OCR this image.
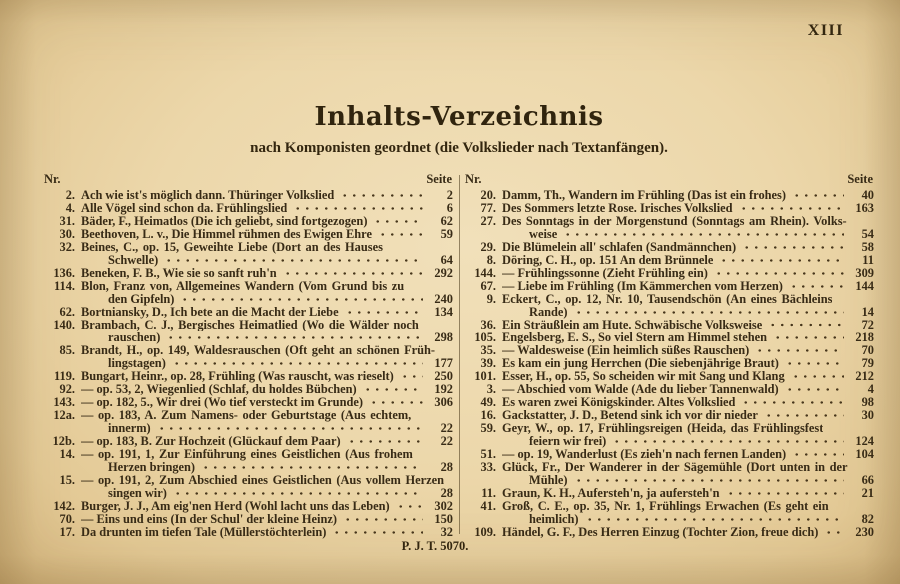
XIII
Inhalts-Verzeichnis
nach Komponisten geordnet (die Volkslieder nach Textanfängen).
Nr.	Seite
2. Ach wie ist's möglich dann. Thüringer Volkslied	2
4. Alle Vögel sind schon da. Frühlingslied	6
31. Bäder, F., Heimatlos (Die ich geliebt, sind fortgezogen)	62
30. Beethoven, L. v., Die Himmel rühmen des Ewigen Ehre	59
32. Beines, C., op. 15, Geweihte Liebe (Dort an des Hauses
Schwelle)	64
136. Beneken, F. B., Wie sie so sanft ruh'n	292
114. Blon, Franz von, Allgemeines Wandern (Vom Grund bis zu
den Gipfeln)	240
62. Bortniansky, D., Ich bete an die Macht der Liebe	134
140. Brambach, C. J., Bergisches Heimatlied (Wo die Wälder noch
rauschen)	298
85. Brandt, H., op. 149, Waldesrauschen (Oft geht an schönen Früh-
lingstagen)	177
119. Bungart, Heinr., op. 28, Frühling (Was rauscht, was rieselt)	250
92. — op. 53, 2, Wiegenlied (Schlaf, du holdes Bübchen)	192
143. — op. 182, 5., Wir drei (Wo tief versteckt im Grunde)	306
12a. — op. 183, A. Zum Namens- oder Geburtstage (Aus echtem,
innerm)	22
12b. — op. 183, B. Zur Hochzeit (Glückauf dem Paar)	22
14. — op. 191, 1, Zur Einführung eines Geistlichen (Aus frohem
Herzen bringen)	28
15. — op. 191, 2, Zum Abschied eines Geistlichen (Aus vollem Herzen
singen wir)	28
142. Burger, J. J., Am eig'nen Herd (Wohl lacht uns das Leben)	302
70. — Eins und eins (In der Schul' der kleine Heinz)	150
17. Da drunten im tiefen Tale (Müllerstöchterlein)	32
Nr.	Seite
20. Damm, Th., Wandern im Frühling (Das ist ein frohes)	40
77. Des Sommers letzte Rose. Irisches Volkslied	163
27. Des Sonntags in der Morgenstund (Sonntags am Rhein). Volks-
weise	54
29. Die Blümelein all' schlafen (Sandmännchen)	58
8. Döring, C. H., op. 151 An dem Brünnele	11
144. — Frühlingssonne (Zieht Frühling ein)	309
67. — Liebe im Frühling (Im Kämmerchen vom Herzen)	144
9. Eckert, C., op. 12, Nr. 10, Tausendschön (An eines Bächleins
Rande)	14
36. Ein Sträußlein am Hute. Schwäbische Volksweise	72
105. Engelsberg, E. S., So viel Stern am Himmel stehen	218
35. — Waldesweise (Ein heimlich süßes Rauschen)	70
39. Es kam ein jung Herrchen (Die siebenjährige Braut)	79
101. Esser, H., op. 55, So scheiden wir mit Sang und Klang	212
3. — Abschied vom Walde (Ade du lieber Tannenwald)	4
49. Es waren zwei Königskinder. Altes Volkslied	98
16. Gackstatter, J. D., Betend sink ich vor dir nieder	30
59. Geyr, W., op. 17, Frühlingsreigen (Heida, das Frühlingsfest
feiern wir frei)	124
51. — op. 19, Wanderlust (Es zieh'n nach fernen Landen)	104
33. Glück, Fr., Der Wanderer in der Sägemühle (Dort unten in der
Mühle)	66
11. Graun, K. H., Aufersteh'n, ja aufersteh'n	21
41. Groß, C. E., op. 35, Nr. 1, Frühlings Erwachen (Es geht ein
heimlich)	82
109. Händel, G. F., Des Herren Einzug (Tochter Zion, freue dich)	230
P. J. T. 5070.
